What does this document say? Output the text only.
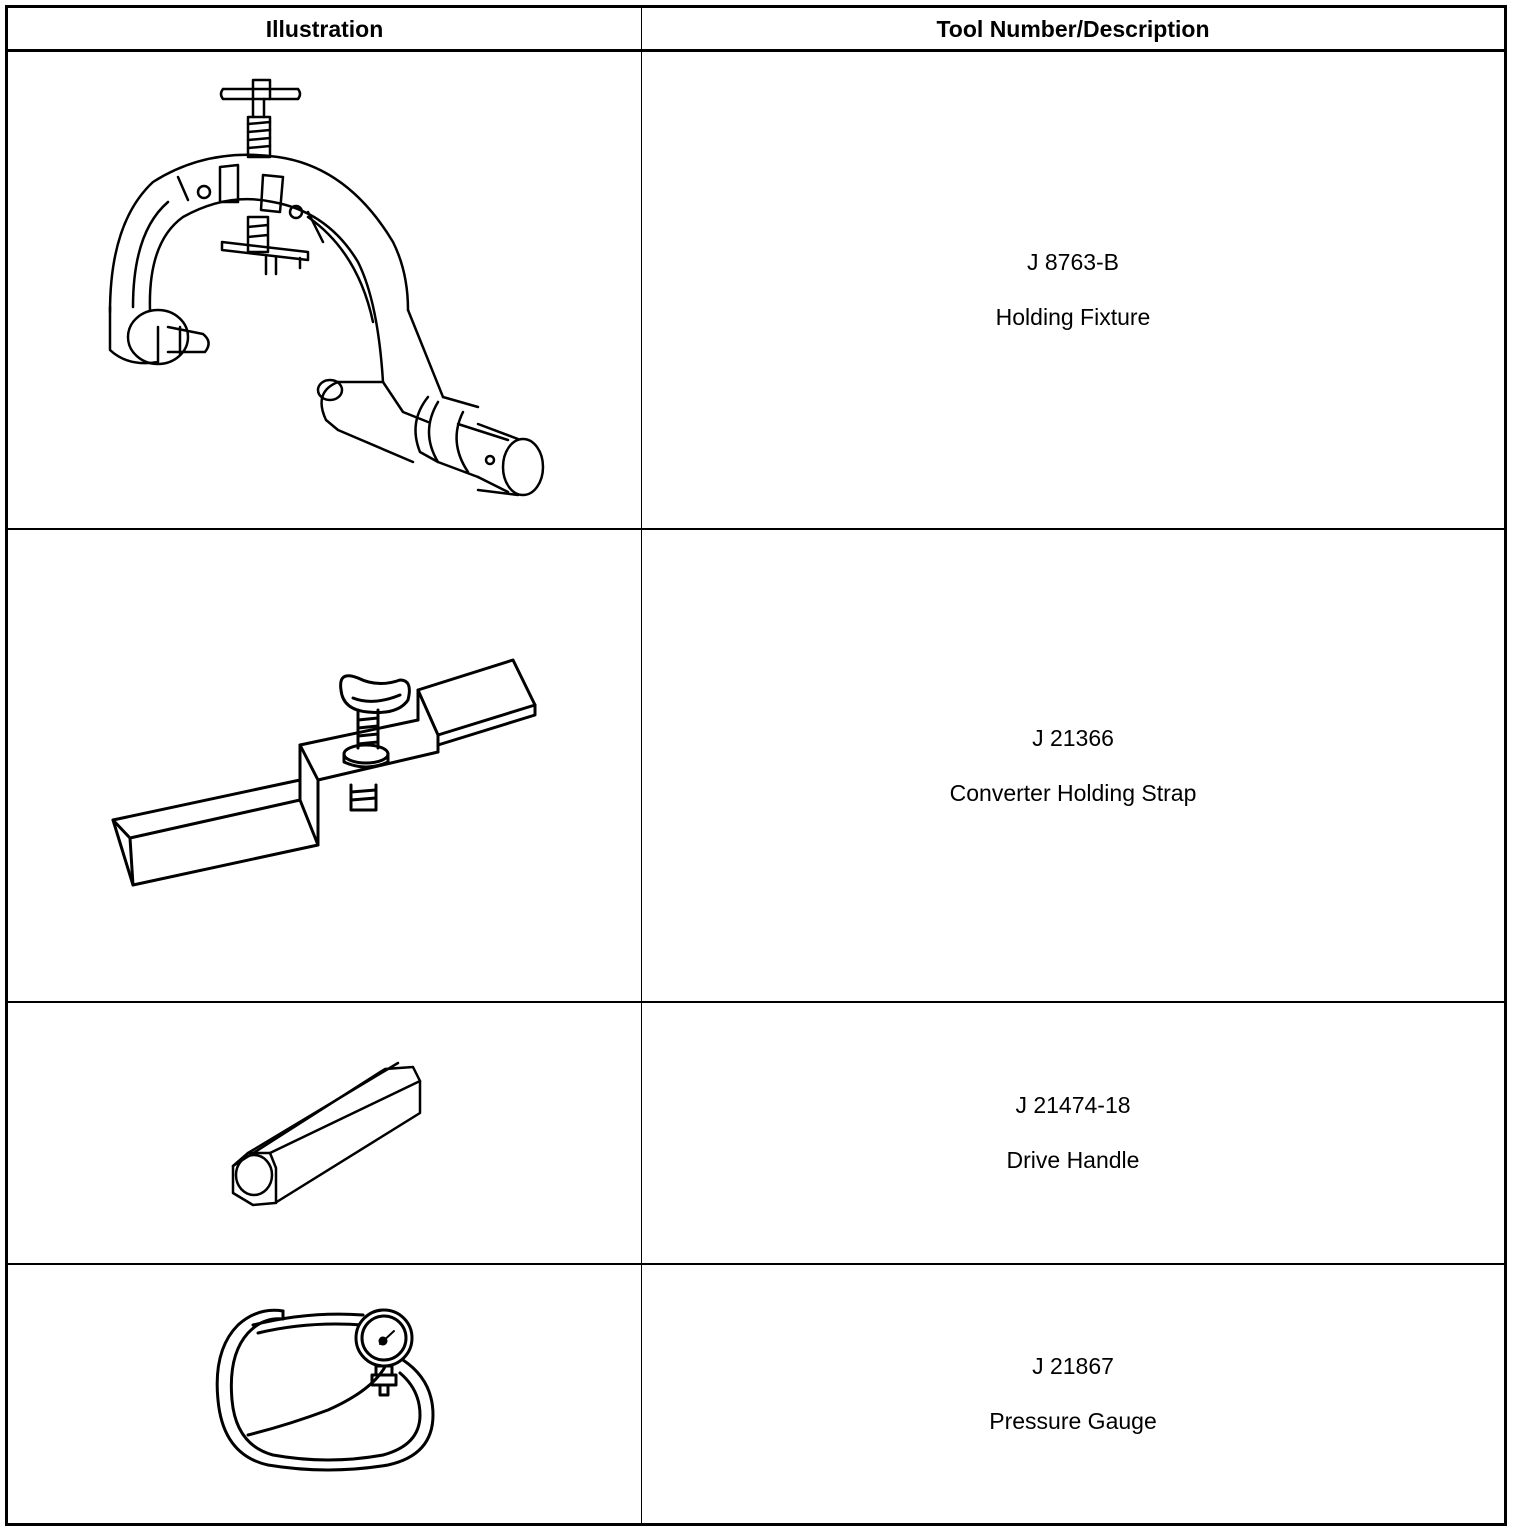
Illustration	Tool Number/Description
J 8763-B
Holding Fixture
J 21366
Converter Holding Strap
J 21474-18
Drive Handle
J 21867
Pressure Gauge
